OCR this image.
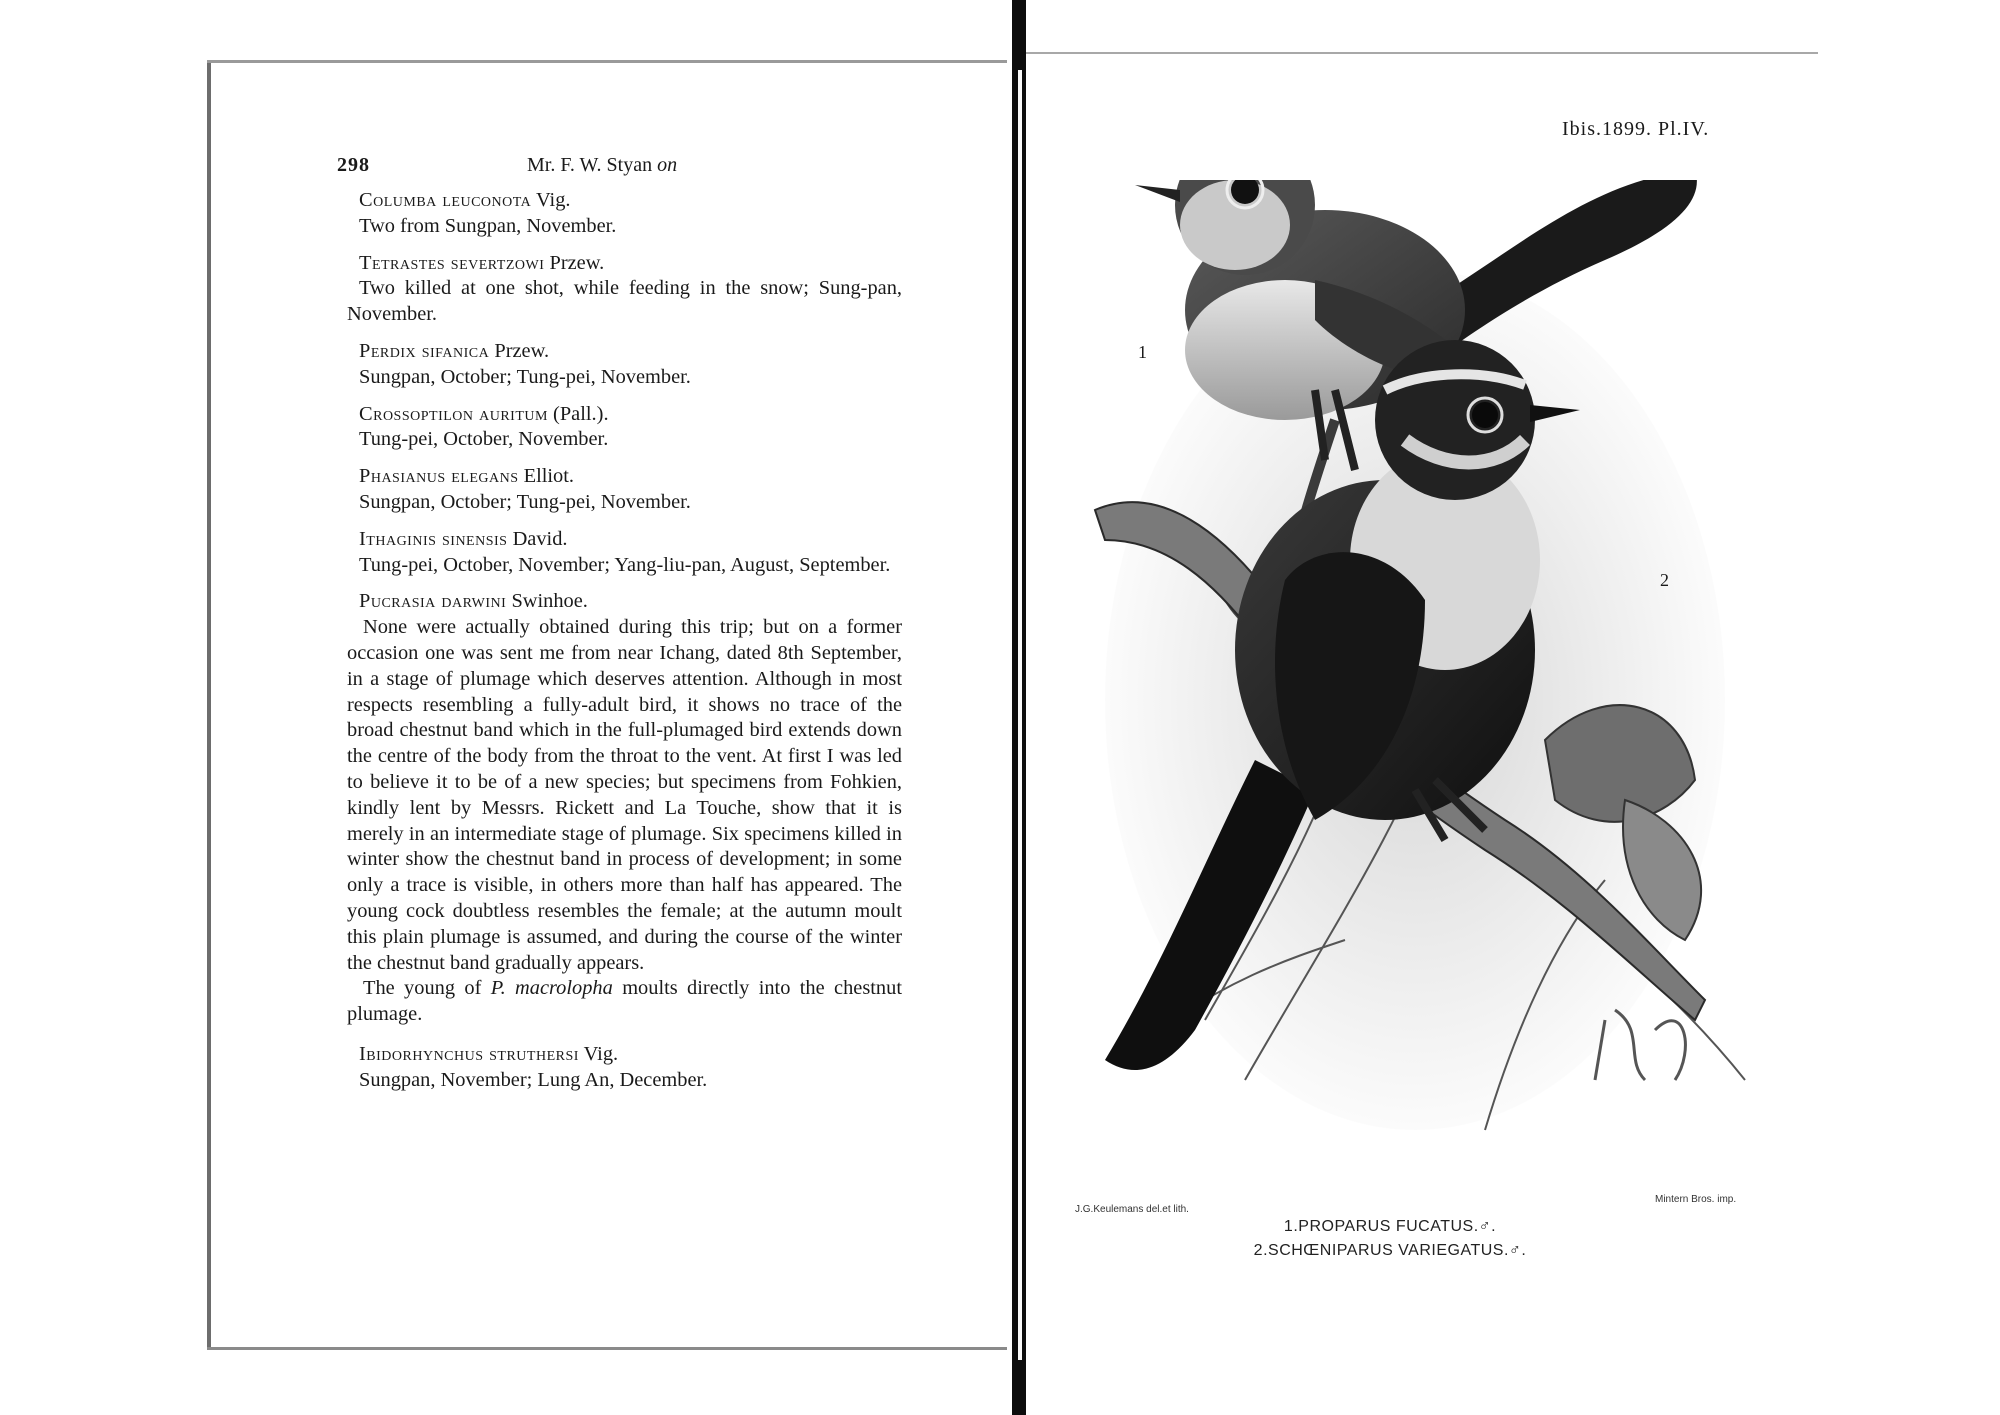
298	Mr. F. W. Styan on

Columba leuconota Vig.

Two from Sungpan, November.

Tetrastes severtzowi Przew.

Two killed at one shot, while feeding in the snow; Sung-pan, November.

Perdix sifanica Przew.

Sungpan, October; Tung-pei, November.

Crossoptilon auritum (Pall.).

Tung-pei, October, November.

Phasianus elegans Elliot.

Sungpan, October; Tung-pei, November.

Ithaginis sinensis David.

Tung-pei, October, November; Yang-liu-pan, August, September.

Pucrasia darwini Swinhoe.

None were actually obtained during this trip; but on a former occasion one was sent me from near Ichang, dated 8th September, in a stage of plumage which deserves attention. Although in most respects resembling a fully-adult bird, it shows no trace of the broad chestnut band which in the full-plumaged bird extends down the centre of the body from the throat to the vent. At first I was led to believe it to be of a new species; but specimens from Fohkien, kindly lent by Messrs. Rickett and La Touche, show that it is merely in an intermediate stage of plumage. Six specimens killed in winter show the chestnut band in process of development; in some only a trace is visible, in others more than half has appeared. The young cock doubtless resembles the female; at the autumn moult this plain plumage is assumed, and during the course of the winter the chestnut band gradually appears.

The young of P. macrolopha moults directly into the chestnut plumage.

Ibidorhynchus struthersi Vig.

Sungpan, November; Lung An, December.

Ibis.1899. Pl.IV.
1
2
J.G.Keulemans del.et lith.
Mintern Bros. imp.
1.PROPARUS FUCATUS.♂.
2.SCHŒNIPARUS VARIEGATUS.♂.
